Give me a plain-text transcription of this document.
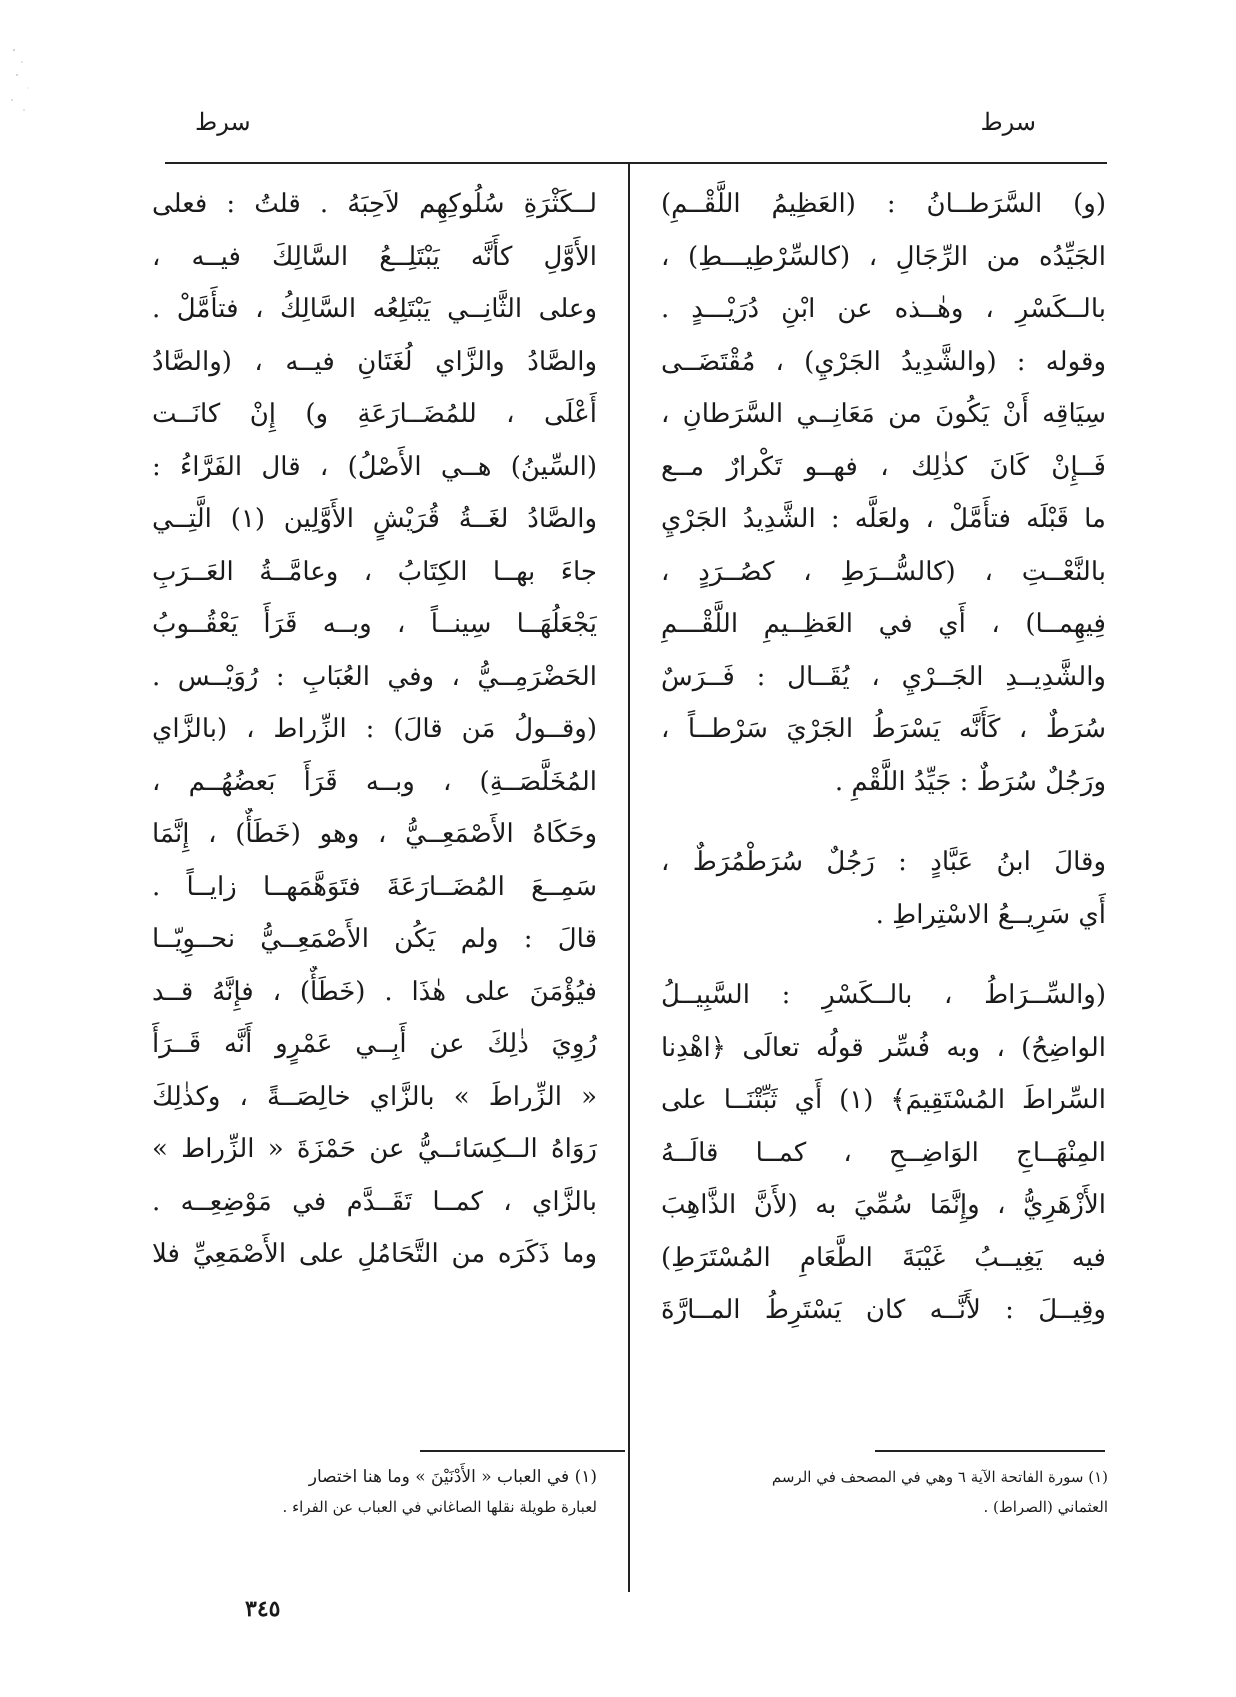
سرط
سرط
(و) السَّرَطــانُ : (العَظِيمُ اللَّقْــمِ)
الجَيِّدُه من الرِّجَالِ ، (كالسِّرْطِيـــطِ) ،
بالــكَسْرِ ، وهٰــذه عن ابْنِ دُرَيْـــدٍ .
وقوله : (والشَّدِيدُ الجَرْيِ) ، مُقْتَضَــى
سِيَاقِه أَنْ يَكُونَ من مَعَانِــي السَّرَطانِ ،
فَــإِنْ كَانَ كذٰلِك ، فهــو تَكْرارٌ مــع
ما قَبْلَه فتأَمَّلْ ، ولعَلَّه : الشَّدِيدُ الجَرْيِ
بالنَّعْــتِ ، (كالسُّــرَطِ ، كصُــرَدٍ ،
فِيهِمــا) ، أَي في العَظِــيمِ اللَّقْـــمِ
والشَّدِيــدِ الجَــرْيِ ، يُقَــال : فَــرَسٌ
سُرَطٌ ، كَأَنَّه يَسْرَطُ الجَرْيَ سَرْطــاً ،
ورَجُلٌ سُرَطٌ : جَيِّدُ اللَّقْمِ .
وقالَ ابنُ عَبَّادٍ : رَجُلٌ سُرَطْمُرَطٌ ،
أَي سَرِيــعُ الاسْتِراطِ .
(والسِّــرَاطُ ، بالــكَسْرِ : السَّبِيــلُ
الواضِحُ) ، وبه فُسِّر قولُه تعالَى ﴿اهْدِنا
السِّراطَ المُسْتَقِيمَ﴾ (١) أَي ثَبِّتْنَــا على
المِنْهَــاجِ الوَاضِــحِ ، كمــا قالَــهُ
الأَزْهَرِيُّ ، وإِنَّمَا سُمِّيَ به (لأَنَّ الذَّاهِبَ
فيه يَغِيــبُ غَيْبَةَ الطَّعَامِ المُسْتَرَطِ)
وقِيــلَ : لأَنَّــه كان يَسْتَرِطُ المــارَّةَ
لــكَثْرَةِ سُلُوكِهِم لاَحِبَهُ . قلتُ : فعلى
الأَوَّلِ كأَنَّه يَبْتَلِــعُ السَّالِكَ فيــه ،
وعلى الثَّانِــي يَبْتَلِعُه السَّالِكُ ، فتأَمَّلْ .
والصَّادُ والزَّاي لُغَتَانِ فيــه ، (والصَّادُ
أَعْلَى ، للمُضَــارَعَةِ و) إِنْ كانَــت
(السِّينُ) هــي الأَصْلُ) ، قال الفَرَّاءُ :
والصَّادُ لغَــةُ قُرَيْشٍ الأَوَّلِين (١) الَّتِــي
جاءَ بهــا الكِتَابُ ، وعامَّــةُ العَــرَبِ
يَجْعَلُهَــا سِينــاً ، وبــه قَرَأَ يَعْقُــوبُ
الحَضْرَمِــيُّ ، وفي العُبَابِ : رُوَيْــس .
(وقــولُ مَن قالَ) : الزِّراط ، (بالزَّاي
المُخَلَّصَــةِ) ، وبــه قَرَأَ بَعضُهُــم ،
وحَكَاهُ الأَصْمَعِــيُّ ، وهو (خَطَأٌ) ، إِنَّمَا
سَمِــعَ المُضَــارَعَةَ فتَوَهَّمَهــا زايــاً .
قالَ : ولم يَكُن الأَصْمَعِــيُّ نحــوِيّــا
فيُؤْمَنَ على هٰذَا . (خَطَأٌ) ، فإِنَّهُ قــد
رُوِيَ ذٰلِكَ عن أَبِــي عَمْرٍو أَنَّه قَــرَأَ
« الزِّراطَ » بالزَّاي خالِصَــةً ، وكذٰلِكَ
رَوَاهُ الــكِسَائــيُّ عن حَمْزَةَ « الزِّراط »
بالزَّاي ، كمــا تَقَــدَّم في مَوْضِعِــه .
وما ذَكَرَه من التَّحَامُلِ على الأَصْمَعِيِّ فلا
(١) سورة الفاتحة الآية ٦ وهي في المصحف في الرسم
العثماني (الصراط) .
(١) في العباب « الأَدْنَيْنَ » وما هنا اختصار
لعبارة طويلة نقلها الصاغاني في العباب عن الفراء .
٣٤٥
